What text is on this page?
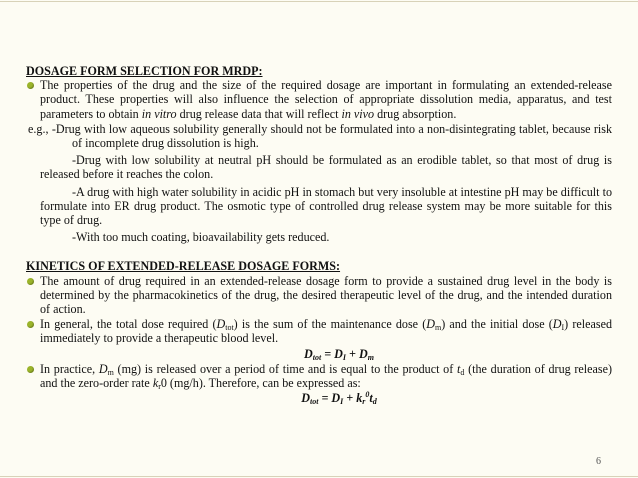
DOSAGE FORM SELECTION FOR MRDP:

The properties of the drug and the size of the required dosage are important in formulating an extended-release product. These properties will also influence the selection of appropriate dissolution media, apparatus, and test parameters to obtain in vitro drug release data that will reflect in vivo drug absorption.

e.g., -Drug with low aqueous solubility generally should not be formulated into a non-disintegrating tablet, because risk of incomplete drug dissolution is high.

-Drug with low solubility at neutral pH should be formulated as an erodible tablet, so that most of drug is released before it reaches the colon.

-A drug with high water solubility in acidic pH in stomach but very insoluble at intestine pH may be difficult to formulate into ER drug product. The osmotic type of controlled drug release system may be more suitable for this type of drug.

-With too much coating, bioavailability gets reduced.

KINETICS OF EXTENDED-RELEASE DOSAGE FORMS:

The amount of drug required in an extended-release dosage form to provide a sustained drug level in the body is determined by the pharmacokinetics of the drug, the desired therapeutic level of the drug, and the intended duration of action.

In general, the total dose required $(D_{tot})$ is the sum of the maintenance dose $(D_m)$ and the initial dose $(D_I)$ released immediately to provide a therapeutic blood level.

$D_{tot} = D_I + D_m$

In practice, $D_m$ (mg) is released over a period of time and is equal to the product of $t_d$ (the duration of drug release) and the zero-order rate $k_r0$ (mg/h). Therefore, can be expressed as:

$D_{tot} = D_I + k_r^0t_d$

6
